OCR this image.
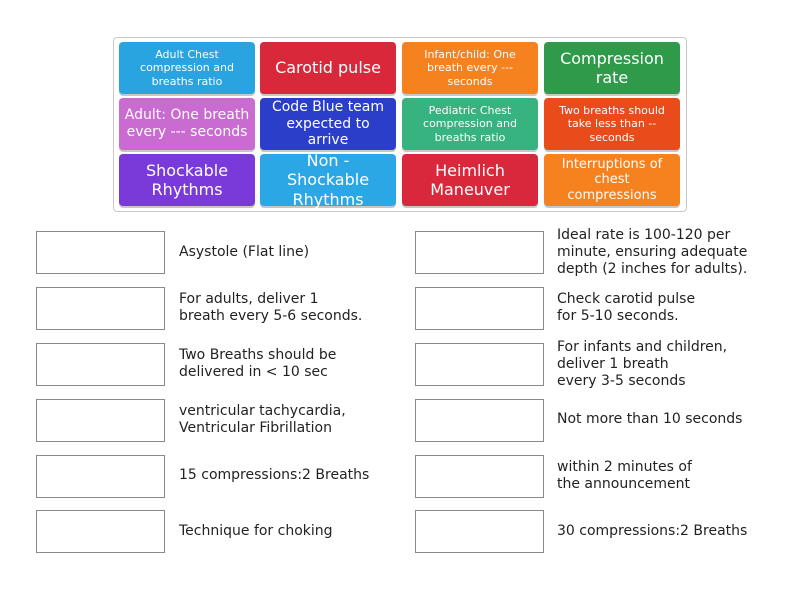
Adult Chest compression and breaths ratio
Carotid pulse
Infant/child: One breath every --- seconds
Compression rate
Adult: One breath every --- seconds
Code Blue team expected to arrive
Pediatric Chest compression and breaths ratio
Two breaths should take less than -- seconds
Shockable Rhythms
Non - Shockable Rhythms
Heimlich Maneuver
Interruptions of chest compressions
Asystole (Flat line)
For adults, deliver 1
breath every 5-6 seconds.
Two Breaths should be
delivered in < 10 sec
ventricular tachycardia,
Ventricular Fibrillation
15 compressions:2 Breaths
Technique for choking
Ideal rate is 100-120 per
minute, ensuring adequate
depth (2 inches for adults).
Check carotid pulse
for 5-10 seconds.
For infants and children,
deliver 1 breath
every 3-5 seconds
Not more than 10 seconds
within 2 minutes of
the announcement
30 compressions:2 Breaths
